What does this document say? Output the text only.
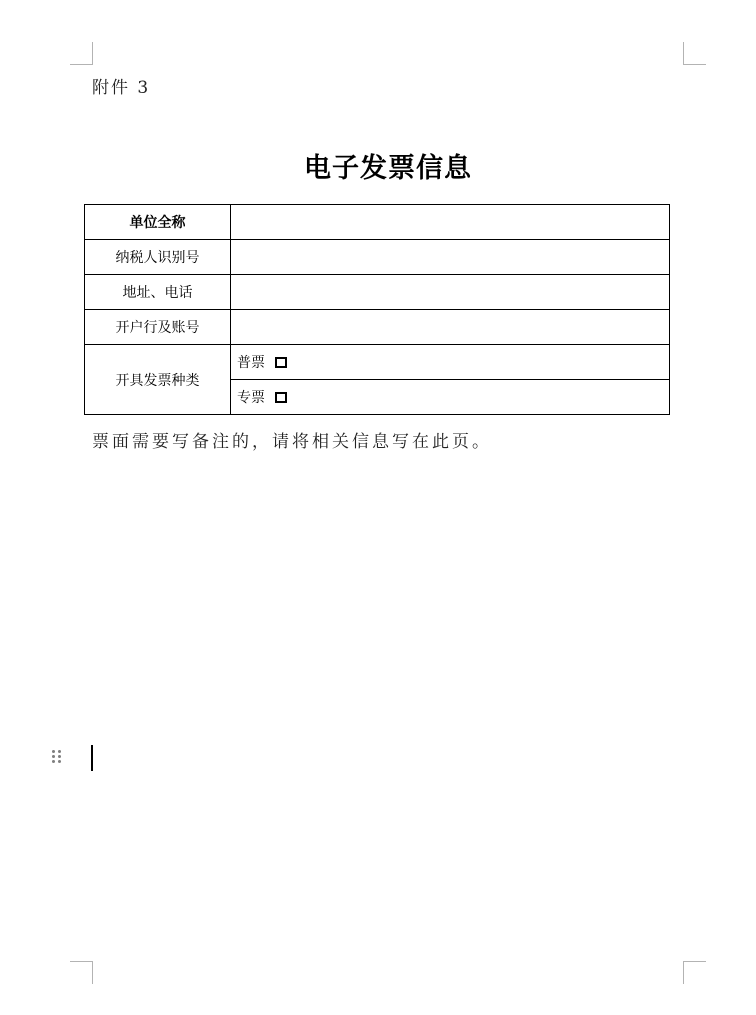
附件 3
电子发票信息
单位全称	
纳税人识别号	
地址、电话	
开户行及账号	
开具发票种类	普票

	专票
票面需要写备注的，请将相关信息写在此页。
